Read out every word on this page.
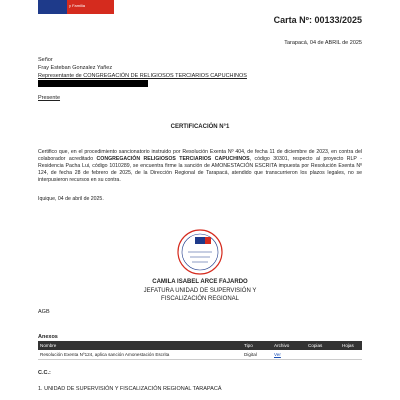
y Familia
Carta Nº: 00133/2025
Tarapacá, 04 de ABRIL de 2025
Señor
Fray Esteban Gonzalez Yañez
Representante de CONGREGACIÓN DE RELIGIOSOS TERCIARIOS CAPUCHINOS
Presente
CERTIFICACIÓN N°1
Certifico que, en el procedimiento sancionatorio instruido por Resolución Exenta Nº 404, de fecha 11 de diciembre de 2023, en contra del colaborador acreditado CONGREGACIÓN RELIGIOSOS TERCIARIOS CAPUCHINOS, código 30301, respecto al proyecto RLP - Residencia Pacha Lui, código 1010289, se encuentra firme la sanción de AMONESTACIÓN ESCRITA impuesta por Resolución Exenta Nº 124, de fecha 28 de febrero de 2025, de la Dirección Regional de Tarapacá, atendido que transcurrieron los plazos legales, no se interpusieron recursos en su contra.
Iquique, 04 de abril de 2025.
CAMILA ISABEL ARCE FAJARDO
JEFATURA UNIDAD DE SUPERVISIÓN Y
FISCALIZACIÓN REGIONAL
AGB
Anexos
Nombre	Tipo	Archivo	Copias	Hojas
Resolución Exenta Nº124, aplica sanción Amonestación Escrita	Digital	Ver		
C.C.:
1. UNIDAD DE SUPERVISIÓN Y FISCALIZACIÓN REGIONAL TARAPACÁ
